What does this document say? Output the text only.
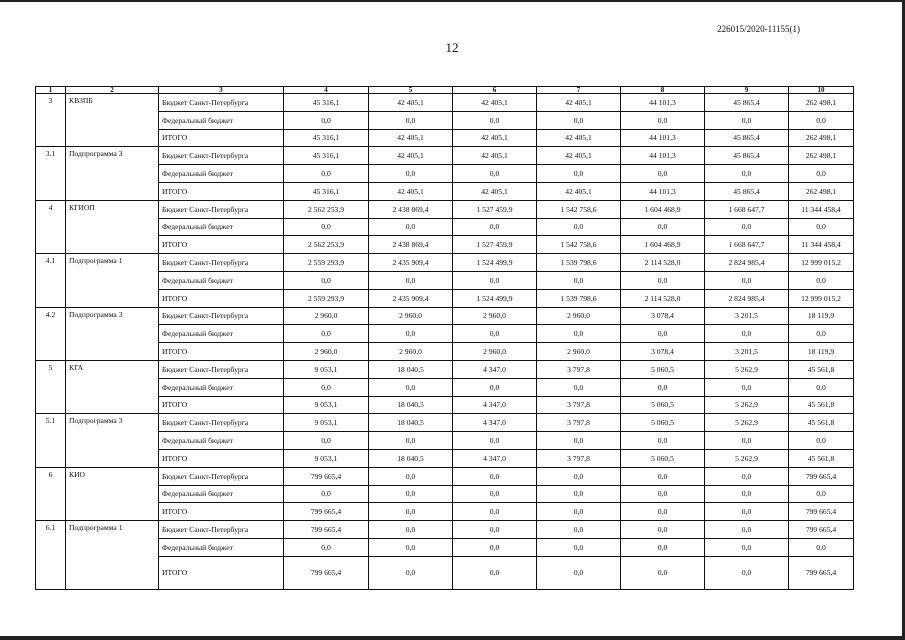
226015/2020-11155(1)
12
1	2	3	4	5	6	7	8	9	10
3	КВЗПБ	Бюджет Санкт-Петербурга	45 316,1	42 405,1	42 405,1	42 405,1	44 101,3	45 865,4	262 498,1
		Федеральный бюджет	0,0	0,0	0,0	0,0	0,0	0,0	0,0
		ИТОГО	45 316,1	42 405,1	42 405,1	42 405,1	44 101,3	45 865,4	262 498,1
3.1	Подпрограмма 3	Бюджет Санкт-Петербурга	45 316,1	42 405,1	42 405,1	42 405,1	44 101,3	45 865,4	262 498,1
		Федеральный бюджет	0,0	0,0	0,0	0,0	0,0	0,0	0,0
		ИТОГО	45 316,1	42 405,1	42 405,1	42 405,1	44 101,3	45 865,4	262 498,1
4	КГИОП	Бюджет Санкт-Петербурга	2 562 253,9	2 438 869,4	1 527 459,9	1 542 758,6	1 604 468,9	1 668 647,7	11 344 458,4
		Федеральный бюджет	0,0	0,0	0,0	0,0	0,0	0,0	0,0
		ИТОГО	2 562 253,9	2 438 869,4	1 527 459,9	1 542 758,6	1 604 468,9	1 668 647,7	11 344 458,4
4.1	Подпрограмма 1	Бюджет Санкт-Петербурга	2 559 293,9	2 435 909,4	1 524 499,9	1 539 798,6	2 114 528,0	2 824 985,4	12 999 015,2
		Федеральный бюджет	0,0	0,0	0,0	0,0	0,0	0,0	0,0
		ИТОГО	2 559 293,9	2 435 909,4	1 524 499,9	1 539 798,6	2 114 528,0	2 824 985,4	12 999 015,2
4.2	Подпрограмма 3	Бюджет Санкт-Петербурга	2 960,0	2 960,0	2 960,0	2 960,0	3 078,4	3 201,5	18 119,9
		Федеральный бюджет	0,0	0,0	0,0	0,0	0,0	0,0	0,0
		ИТОГО	2 960,0	2 960,0	2 960,0	2 960,0	3 078,4	3 201,5	18 119,9
5	КГА	Бюджет Санкт-Петербурга	9 053,1	18 040,5	4 347,0	3 797,8	5 060,5	5 262,9	45 561,8
		Федеральный бюджет	0,0	0,0	0,0	0,0	0,0	0,0	0,0
		ИТОГО	9 053,1	18 040,5	4 347,0	3 797,8	5 060,5	5 262,9	45 561,8
5.1	Подпрограмма 3	Бюджет Санкт-Петербурга	9 053,1	18 040,5	4 347,0	3 797,8	5 060,5	5 262,9	45 561,8
		Федеральный бюджет	0,0	0,0	0,0	0,0	0,0	0,0	0,0
		ИТОГО	9 053,1	18 040,5	4 347,0	3 797,8	5 060,5	5 262,9	45 561,8
6	КИО	Бюджет Санкт-Петербурга	799 665,4	0,0	0,0	0,0	0,0	0,0	799 665,4
		Федеральный бюджет	0,0	0,0	0,0	0,0	0,0	0,0	0,0
		ИТОГО	799 665,4	0,0	0,0	0,0	0,0	0,0	799 665,4
6.1	Подпрограмма 1	Бюджет Санкт-Петербурга	799 665,4	0,0	0,0	0,0	0,0	0,0	799 665,4
		Федеральный бюджет	0,0	0,0	0,0	0,0	0,0	0,0	0,0
		ИТОГО	799 665,4	0,0	0,0	0,0	0,0	0,0	799 665,4
